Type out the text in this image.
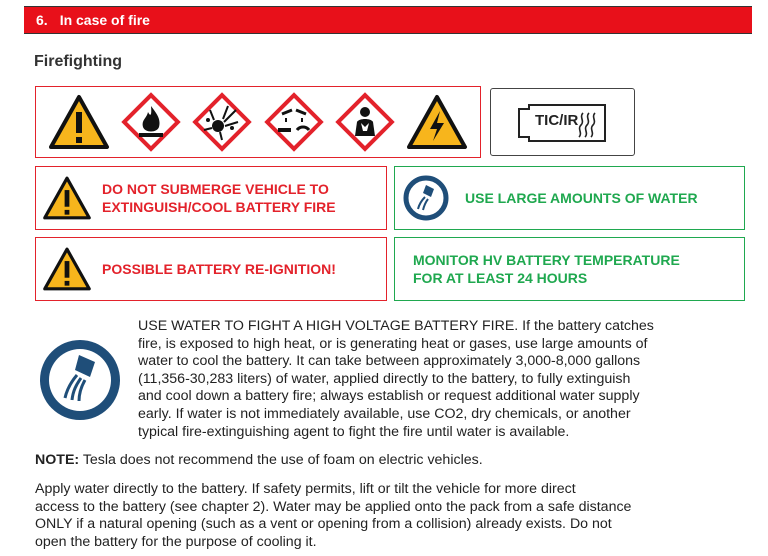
6. In case of fire
Firefighting
TIC/IR
DO NOT SUBMERGE VEHICLE TO
EXTINGUISH/COOL BATTERY FIRE
USE LARGE AMOUNTS OF WATER
POSSIBLE BATTERY RE-IGNITION!
MONITOR HV BATTERY TEMPERATURE
FOR AT LEAST 24 HOURS
USE WATER TO FIGHT A HIGH VOLTAGE BATTERY FIRE. If the battery catches
fire, is exposed to high heat, or is generating heat or gases, use large amounts of
water to cool the battery. It can take between approximately 3,000-8,000 gallons
(11,356-30,283 liters) of water, applied directly to the battery, to fully extinguish
and cool down a battery fire; always establish or request additional water supply
early. If water is not immediately available, use CO2, dry chemicals, or another
typical fire-extinguishing agent to fight the fire until water is available.
NOTE: Tesla does not recommend the use of foam on electric vehicles.
Apply water directly to the battery. If safety permits, lift or tilt the vehicle for more direct
access to the battery (see chapter 2). Water may be applied onto the pack from a safe distance
ONLY if a natural opening (such as a vent or opening from a collision) already exists. Do not
open the battery for the purpose of cooling it.
